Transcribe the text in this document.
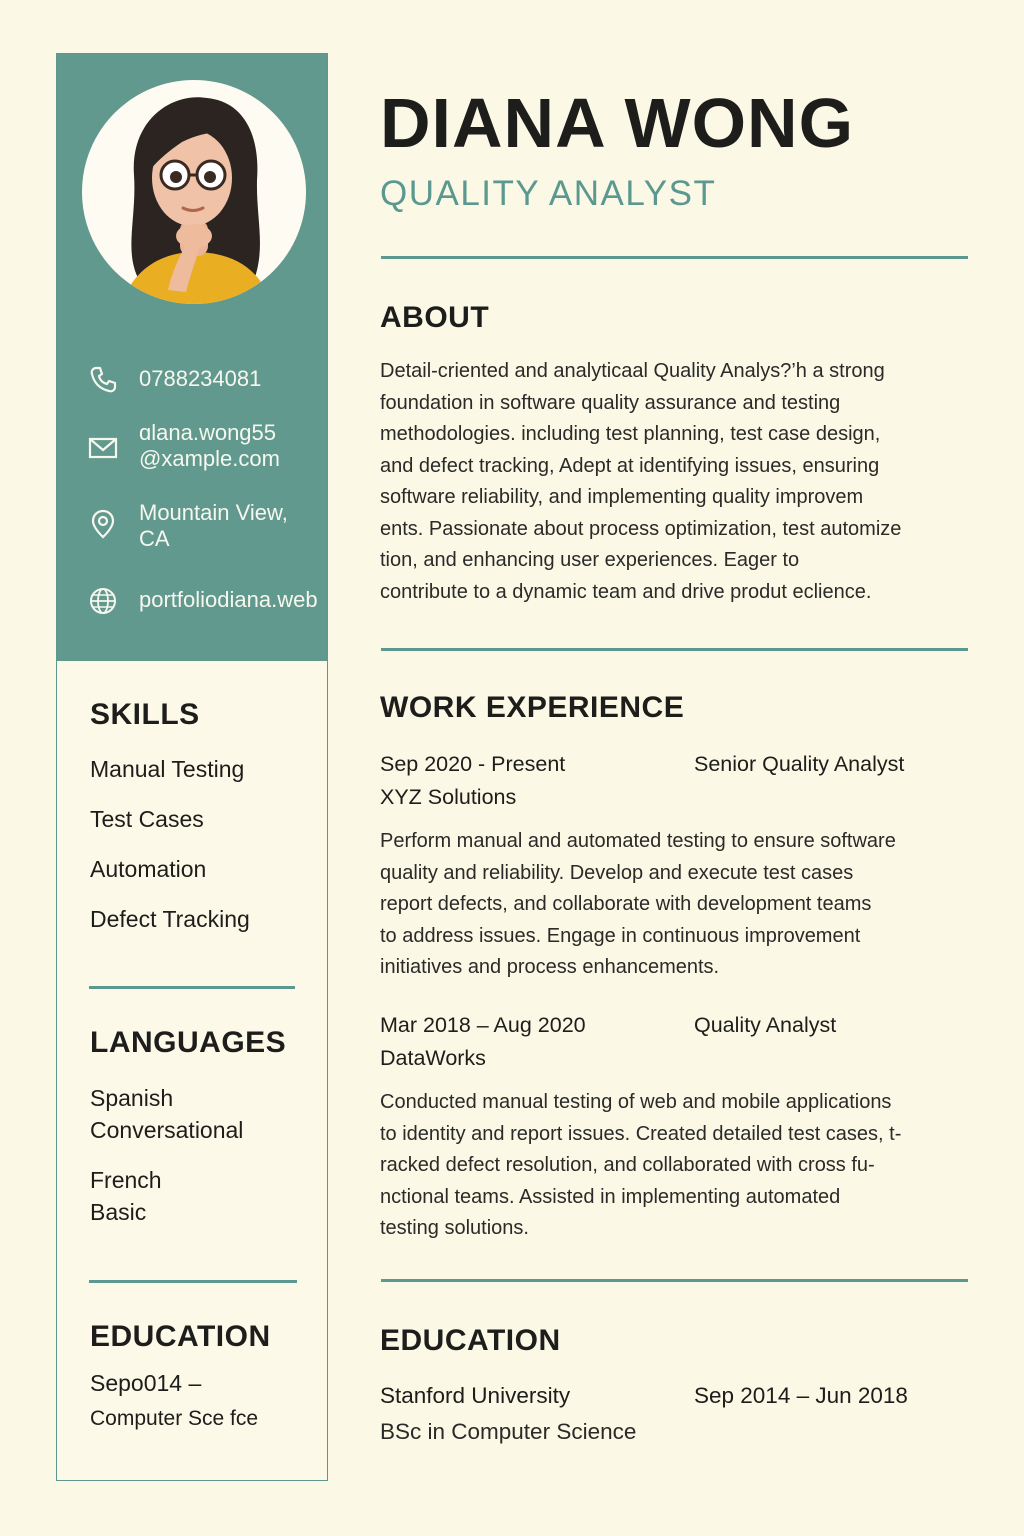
0788234081
ɑlana.wong55
@xample.com
Mountain View,
CA
portfoliodiana.web
SKILLS
Manual Testing
Test Cases
Automation
Defect Tracking
LANGUAGES
Spanish
Conversational
French
Basic
EDUCATION
Sepo014 –
Computer Sce fce
DIANA WONG
QUALITY ANALYST
ABOUT
Detail-criented and analyticaal Quality Analys?’h a strong
foundation in software quality assurance and testing
methodologies. including test planning, test case design,
and defect tracking, Adept at identifying issues, ensuring
software reliability, and implementing quality improvem
ents. Passionate about process optimization, test automize
tion, and enhancing user experiences. Eager to
contribute to a dynamic team and drive produt eclience.
WORK EXPERIENCE
Sep 2020 - Present	Senior Quality Analyst
XYZ Solutions
Perform manual and automated testing to ensure software
quality and reliability. Develop and execute test cases
report defects, and collaborate with development teams
to address issues. Engage in continuous improvement
initiatives and process enhancements.
Mar 2018 – Aug 2020	Quality Analyst
DataWorks
Conducted manual testing of web and mobile applications
to identity and report issues. Created detailed test cases, t-
racked defect resolution, and collaborated with cross fu-
nctional teams. Assisted in implementing automated
testing solutions.
EDUCATION
Stanford University	Sep 2014 – Jun 2018
BSc in Computer Science
